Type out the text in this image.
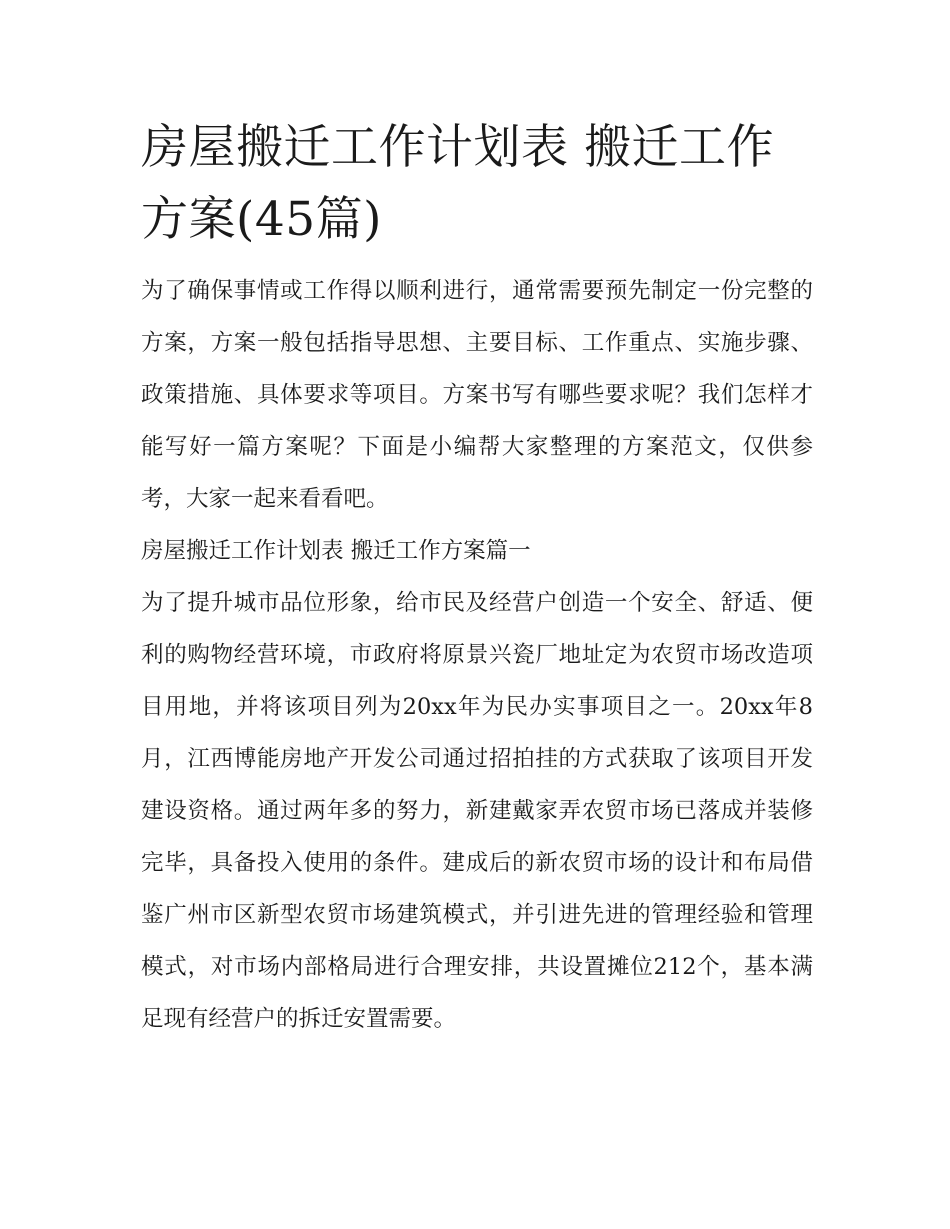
房屋搬迁工作计划表 搬迁工作方案(45篇)

为了确保事情或工作得以顺利进行，通常需要预先制定一份完整的方案，方案一般包括指导思想、主要目标、工作重点、实施步骤、政策措施、具体要求等项目。方案书写有哪些要求呢？我们怎样才能写好一篇方案呢？下面是小编帮大家整理的方案范文，仅供参考，大家一起来看看吧。

房屋搬迁工作计划表 搬迁工作方案篇一

为了提升城市品位形象，给市民及经营户创造一个安全、舒适、便利的购物经营环境，市政府将原景兴瓷厂地址定为农贸市场改造项目用地，并将该项目列为20xx年为民办实事项目之一。20xx年8月，江西博能房地产开发公司通过招拍挂的方式获取了该项目开发建设资格。通过两年多的努力，新建戴家弄农贸市场已落成并装修完毕，具备投入使用的条件。建成后的新农贸市场的设计和布局借鉴广州市区新型农贸市场建筑模式，并引进先进的管理经验和管理模式，对市场内部格局进行合理安排，共设置摊位212个，基本满足现有经营户的拆迁安置需要。
